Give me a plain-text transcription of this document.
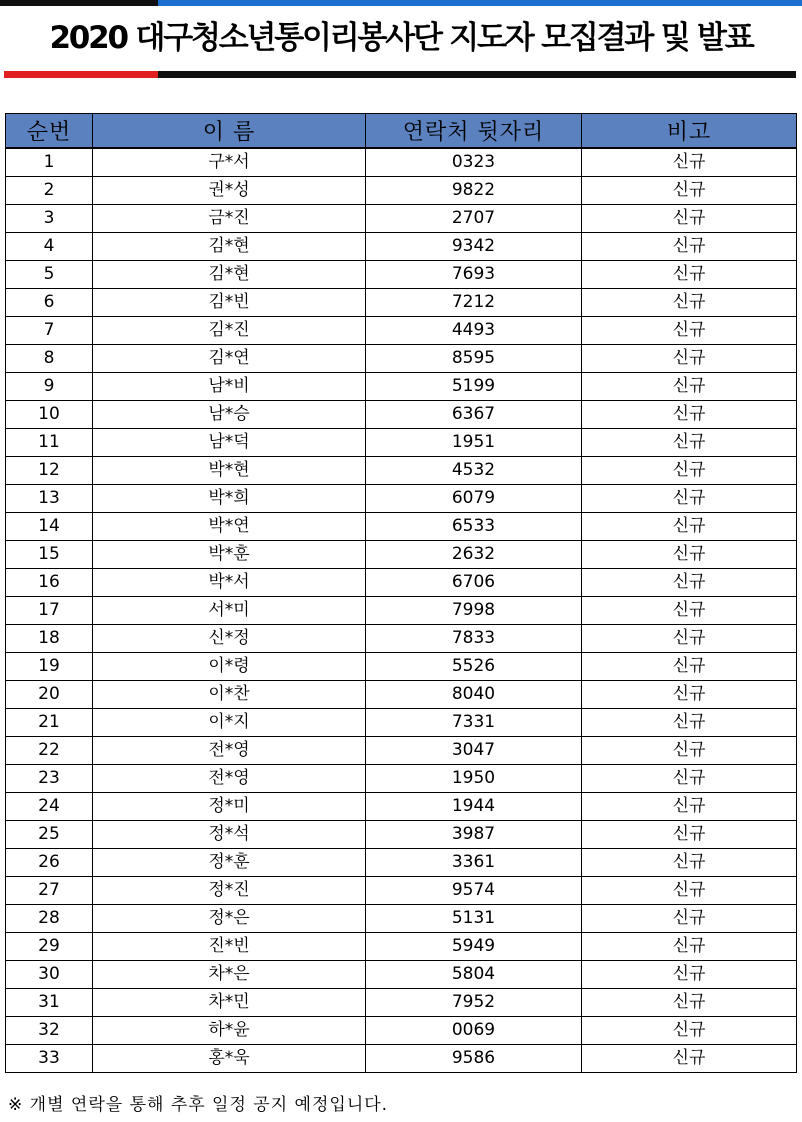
2020 대구청소년통이리봉사단 지도자 모집결과 및 발표
순번	이 름	연락처 뒷자리	비고
1	구*서	0323	신규
2	권*성	9822	신규
3	금*진	2707	신규
4	김*현	9342	신규
5	김*현	7693	신규
6	김*빈	7212	신규
7	김*진	4493	신규
8	김*연	8595	신규
9	남*비	5199	신규
10	남*승	6367	신규
11	남*덕	1951	신규
12	박*현	4532	신규
13	박*희	6079	신규
14	박*연	6533	신규
15	박*훈	2632	신규
16	박*서	6706	신규
17	서*미	7998	신규
18	신*정	7833	신규
19	이*령	5526	신규
20	이*찬	8040	신규
21	이*지	7331	신규
22	전*영	3047	신규
23	전*영	1950	신규
24	정*미	1944	신규
25	정*석	3987	신규
26	정*훈	3361	신규
27	정*진	9574	신규
28	정*은	5131	신규
29	진*빈	5949	신규
30	차*은	5804	신규
31	차*민	7952	신규
32	하*윤	0069	신규
33	홍*욱	9586	신규
※ 개별 연락을 통해 추후 일정 공지 예정입니다.
